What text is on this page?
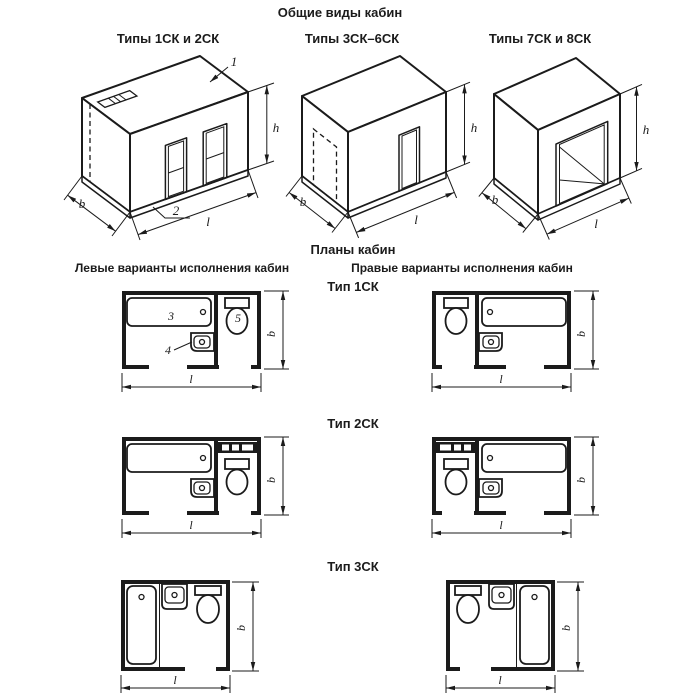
Общие виды кабин
Типы 1СК и 2СК	Типы 3СК–6СК	Типы 7СК и 8СК
1
2
h
b
l
h
b
l
h
b
l
Планы кабин
Левые варианты исполнения кабин	Правые варианты исполнения кабин
Тип 1СК
Тип 2СК
Тип 3СК
3
4
5
b
l
b
l
b
l
b
l
b
l
b
l
